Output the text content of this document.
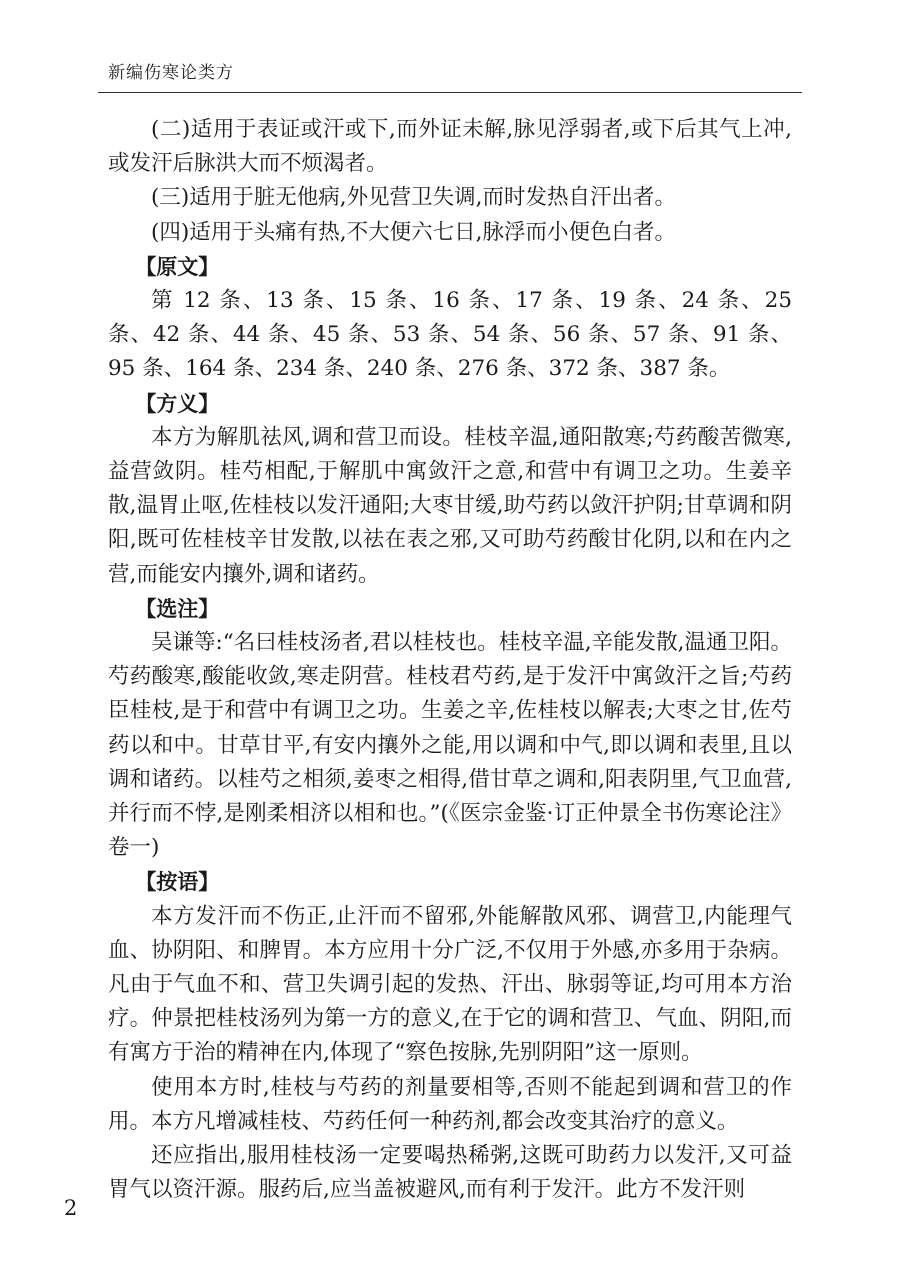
新编伤寒论类方

(二)适用于表证或汗或下,而外证未解,脉见浮弱者,或下后其气上冲,或发汗后脉洪大而不烦渴者。

(三)适用于脏无他病,外见营卫失调,而时发热自汗出者。

(四)适用于头痛有热,不大便六七日,脉浮而小便色白者。

【原文】

第 12 条、13 条、15 条、16 条、17 条、19 条、24 条、25 条、42 条、44 条、45 条、53 条、54 条、56 条、57 条、91 条、95 条、164 条、234 条、240 条、276 条、372 条、387 条。

【方义】

本方为解肌祛风,调和营卫而设。桂枝辛温,通阳散寒;芍药酸苦微寒,益营敛阴。桂芍相配,于解肌中寓敛汗之意,和营中有调卫之功。生姜辛散,温胃止呕,佐桂枝以发汗通阳;大枣甘缓,助芍药以敛汗护阴;甘草调和阴阳,既可佐桂枝辛甘发散,以祛在表之邪,又可助芍药酸甘化阴,以和在内之营,而能安内攘外,调和诸药。

【选注】

吴谦等:“名曰桂枝汤者,君以桂枝也。桂枝辛温,辛能发散,温通卫阳。芍药酸寒,酸能收敛,寒走阴营。桂枝君芍药,是于发汗中寓敛汗之旨;芍药臣桂枝,是于和营中有调卫之功。生姜之辛,佐桂枝以解表;大枣之甘,佐芍药以和中。甘草甘平,有安内攘外之能,用以调和中气,即以调和表里,且以调和诸药。以桂芍之相须,姜枣之相得,借甘草之调和,阳表阴里,气卫血营,并行而不悖,是刚柔相济以相和也。”(《医宗金鉴·订正仲景全书伤寒论注》卷一)

【按语】

本方发汗而不伤正,止汗而不留邪,外能解散风邪、调营卫,内能理气血、协阴阳、和脾胃。本方应用十分广泛,不仅用于外感,亦多用于杂病。凡由于气血不和、营卫失调引起的发热、汗出、脉弱等证,均可用本方治疗。仲景把桂枝汤列为第一方的意义,在于它的调和营卫、气血、阴阳,而有寓方于治的精神在内,体现了“察色按脉,先别阴阳”这一原则。

使用本方时,桂枝与芍药的剂量要相等,否则不能起到调和营卫的作用。本方凡增减桂枝、芍药任何一种药剂,都会改变其治疗的意义。

还应指出,服用桂枝汤一定要喝热稀粥,这既可助药力以发汗,又可益胃气以资汗源。服药后,应当盖被避风,而有利于发汗。此方不发汗则

2
